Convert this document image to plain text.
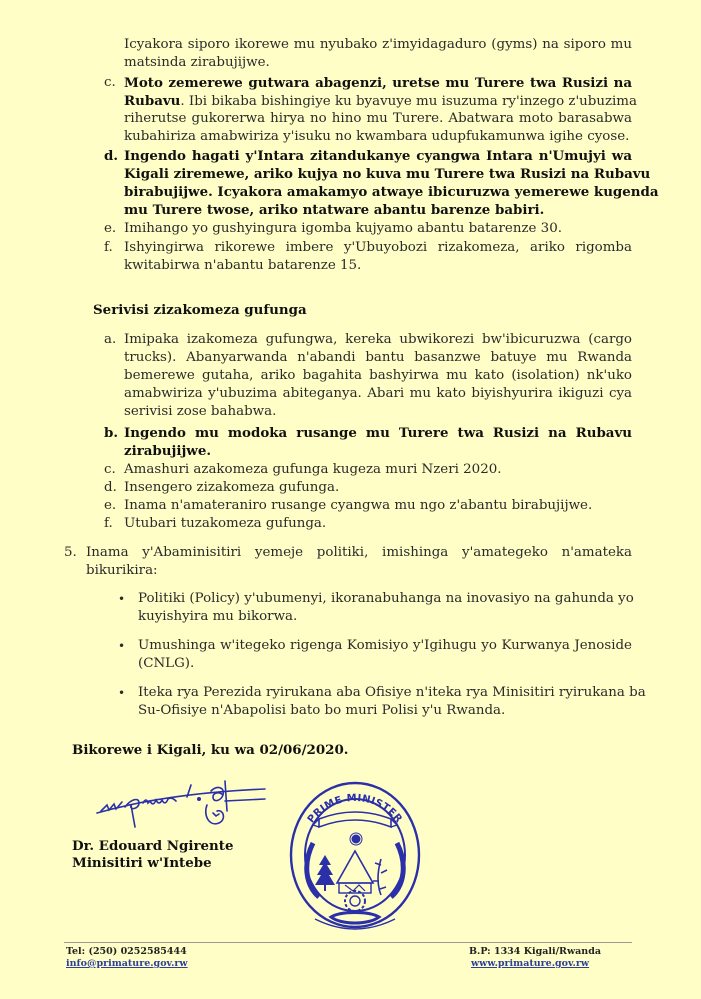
Icyakora siporo ikorewe mu nyubako z'imyidagaduro (gyms) na siporo mu
matsinda zirabujijwe.
c. Moto zemerewe gutwara abagenzi, uretse mu Turere twa Rusizi na
Rubavu. Ibi bikaba bishingiye ku byavuye mu isuzuma ry'inzego z'ubuzima
riherutse gukorerwa hirya no hino mu Turere. Abatwara moto barasabwa
kubahiriza amabwiriza y'isuku no kwambara udupfukamunwa igihe cyose.
d. Ingendo hagati y'Intara zitandukanye cyangwa Intara n'Umujyi wa
Kigali ziremewe, ariko kujya no kuva mu Turere twa Rusizi na Rubavu
birabujijwe. Icyakora amakamyo atwaye ibicuruzwa yemerewe kugenda
mu Turere twose, ariko ntatware abantu barenze babiri.
e. Imihango yo gushyingura igomba kujyamo abantu batarenze 30.
f. Ishyingirwa rikorewe imbere y'Ubuyobozi rizakomeza, ariko rigomba
kwitabirwa n'abantu batarenze 15.
Serivisi zizakomeza gufunga
a. Imipaka izakomeza gufungwa, kereka ubwikorezi bw'ibicuruzwa (cargo
trucks). Abanyarwanda n'abandi bantu basanzwe batuye mu Rwanda
bemerewe gutaha, ariko bagahita bashyirwa mu kato (isolation) nk'uko
amabwiriza y'ubuzima abiteganya. Abari mu kato biyishyurira ikiguzi cya
serivisi zose bahabwa.
b. Ingendo mu modoka rusange mu Turere twa Rusizi na Rubavu
zirabujijwe.
c. Amashuri azakomeza gufunga kugeza muri Nzeri 2020.
d. Insengero zizakomeza gufunga.
e. Inama n'amateraniro rusange cyangwa mu ngo z'abantu birabujijwe.
f. Utubari tuzakomeza gufunga.
5. Inama y'Abaminisitiri yemeje politiki, imishinga y'amategeko n'amateka
bikurikira:
• Politiki (Policy) y'ubumenyi, ikoranabuhanga na inovasiyo na gahunda yo
kuyishyira mu bikorwa.
• Umushinga w'itegeko rigenga Komisiyo y'Igihugu yo Kurwanya Jenoside
(CNLG).
• Iteka rya Perezida ryirukana aba Ofisiye n'iteka rya Minisitiri ryirukana ba
Su-Ofisiye n'Abapolisi bato bo muri Polisi y'u Rwanda.
Bikorewe i Kigali, ku wa 02/06/2020.
Dr. Edouard Ngirente
Minisitiri w'Intebe
PRIME MINISTER
Tel: (250) 0252585444
info@primature.gov.rw
B.P: 1334 Kigali/Rwanda
www.primature.gov.rw
